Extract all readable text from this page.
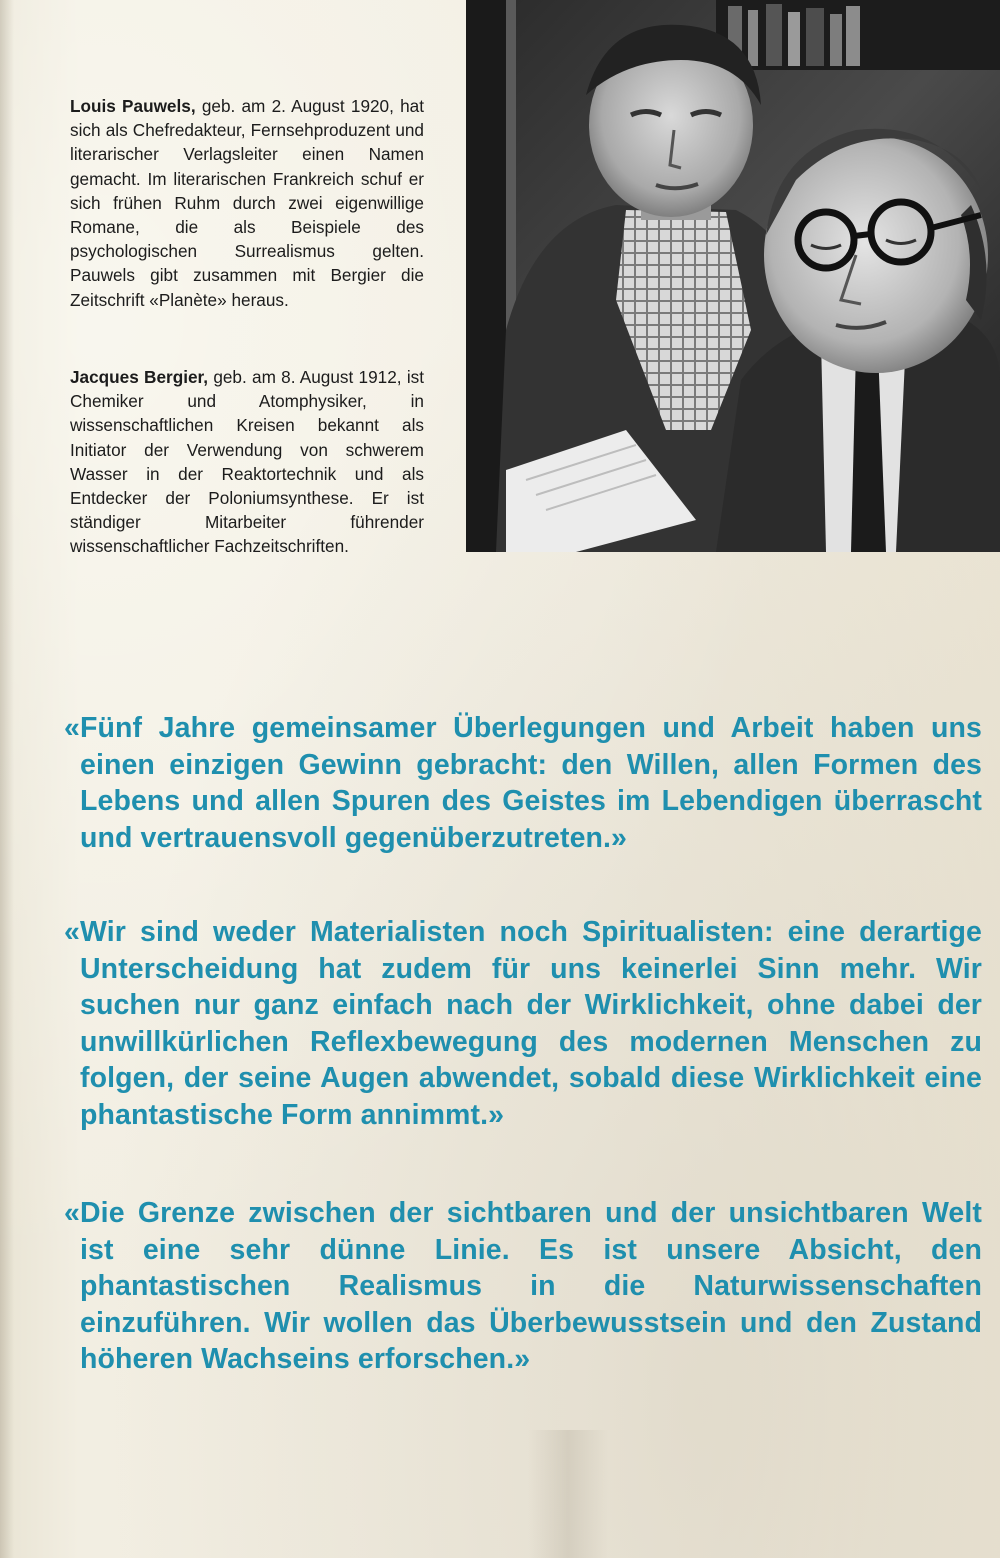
Louis Pauwels, geb. am 2. August 1920, hat sich als Chefredakteur, Fernsehproduzent und literarischer Verlagsleiter einen Namen gemacht. Im literarischen Frankreich schuf er sich frühen Ruhm durch zwei eigenwillige Romane, die als Beispiele des psychologischen Surrealismus gelten. Pauwels gibt zusammen mit Bergier die Zeitschrift «Planète» heraus.
Jacques Bergier, geb. am 8. August 1912, ist Chemiker und Atomphysiker, in wissenschaftlichen Kreisen bekannt als Initiator der Verwendung von schwerem Wasser in der Reaktortechnik und als Entdecker der Poloniumsynthese. Er ist ständiger Mitarbeiter führender wissenschaftlicher Fachzeitschriften.
« Fünf Jahre gemeinsamer Überlegungen und Arbeit haben uns einen einzigen Gewinn gebracht: den Willen, allen Formen des Lebens und allen Spuren des Geistes im Lebendigen überrascht und vertrauensvoll gegenüberzutreten.»
« Wir sind weder Materialisten noch Spiritualisten: eine derartige Unterscheidung hat zudem für uns keinerlei Sinn mehr. Wir suchen nur ganz einfach nach der Wirklichkeit, ohne dabei der unwillkürlichen Reflexbewegung des modernen Menschen zu folgen, der seine Augen abwendet, sobald diese Wirklichkeit eine phantastische Form annimmt.»
« Die Grenze zwischen der sichtbaren und der unsichtbaren Welt ist eine sehr dünne Linie. Es ist unsere Absicht, den phantastischen Realismus in die Naturwissenschaften einzuführen. Wir wollen das Überbewusstsein und den Zustand höheren Wachseins erforschen.»
